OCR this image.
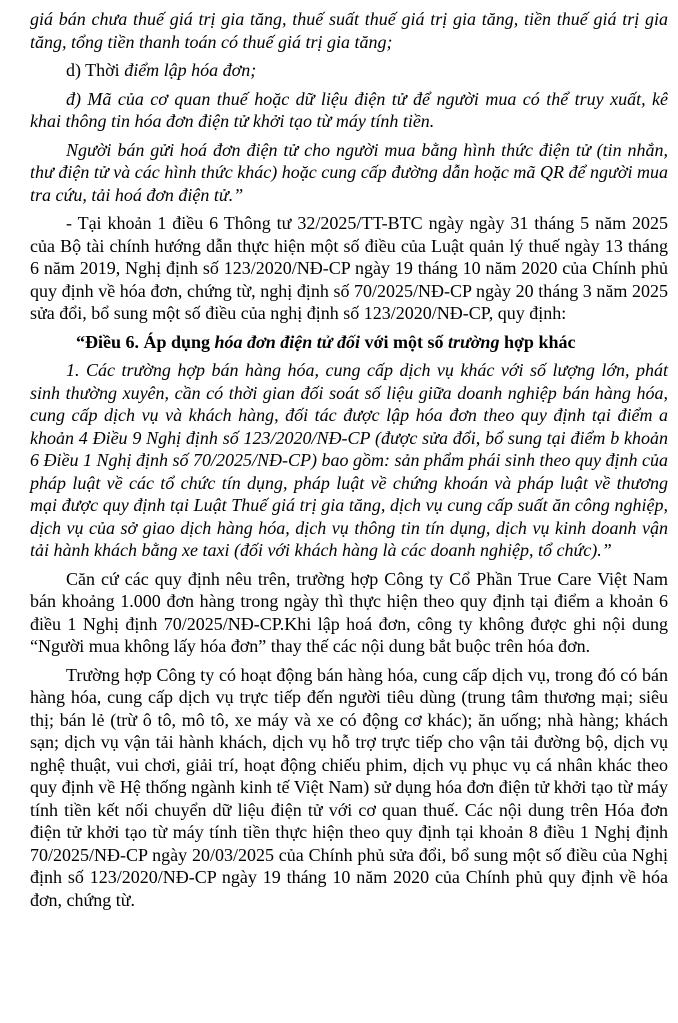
giá bán chưa thuế giá trị gia tăng, thuế suất thuế giá trị gia tăng, tiền thuế giá trị gia tăng, tổng tiền thanh toán có thuế giá trị gia tăng;

d) Thời điểm lập hóa đơn;

đ) Mã của cơ quan thuế hoặc dữ liệu điện tử để người mua có thể truy xuất, kê khai thông tin hóa đơn điện tử khởi tạo từ máy tính tiền.

Người bán gửi hoá đơn điện tử cho người mua bằng hình thức điện tử (tin nhắn, thư điện tử và các hình thức khác) hoặc cung cấp đường dẫn hoặc mã QR để người mua tra cứu, tải hoá đơn điện tử.”

- Tại khoản 1 điều 6 Thông tư 32/2025/TT-BTC ngày ngày 31 tháng 5 năm 2025 của Bộ tài chính hướng dẫn thực hiện một số điều của Luật quản lý thuế ngày 13 tháng 6 năm 2019, Nghị định số 123/2020/NĐ-CP ngày 19 tháng 10 năm 2020 của Chính phủ quy định về hóa đơn, chứng từ, nghị định số 70/2025/NĐ-CP ngày 20 tháng 3 năm 2025 sửa đổi, bổ sung một số điều của nghị định số 123/2020/NĐ-CP, quy định:

“Điều 6. Áp dụng hóa đơn điện tử đối với một số trường hợp khác

1. Các trường hợp bán hàng hóa, cung cấp dịch vụ khác với số lượng lớn, phát sinh thường xuyên, cần có thời gian đối soát số liệu giữa doanh nghiệp bán hàng hóa, cung cấp dịch vụ và khách hàng, đối tác được lập hóa đơn theo quy định tại điểm a khoản 4 Điều 9 Nghị định số 123/2020/NĐ-CP (được sửa đổi, bổ sung tại điểm b khoản 6 Điều 1 Nghị định số 70/2025/NĐ-CP) bao gồm: sản phẩm phái sinh theo quy định của pháp luật về các tổ chức tín dụng, pháp luật về chứng khoán và pháp luật về thương mại được quy định tại Luật Thuế giá trị gia tăng, dịch vụ cung cấp suất ăn công nghiệp, dịch vụ của sở giao dịch hàng hóa, dịch vụ thông tin tín dụng, dịch vụ kinh doanh vận tải hành khách bằng xe taxi (đối với khách hàng là các doanh nghiệp, tổ chức).”

Căn cứ các quy định nêu trên, trường hợp Công ty Cổ Phần True Care Việt Nam bán khoảng 1.000 đơn hàng trong ngày thì thực hiện theo quy định tại điểm a khoản 6 điều 1 Nghị định 70/2025/NĐ-CP.Khi lập hoá đơn, công ty không được ghi nội dung “Người mua không lấy hóa đơn” thay thế các nội dung bắt buộc trên hóa đơn.

Trường hợp Công ty có hoạt động bán hàng hóa, cung cấp dịch vụ, trong đó có bán hàng hóa, cung cấp dịch vụ trực tiếp đến người tiêu dùng (trung tâm thương mại; siêu thị; bán lẻ (trừ ô tô, mô tô, xe máy và xe có động cơ khác); ăn uống; nhà hàng; khách sạn; dịch vụ vận tải hành khách, dịch vụ hỗ trợ trực tiếp cho vận tải đường bộ, dịch vụ nghệ thuật, vui chơi, giải trí, hoạt động chiếu phim, dịch vụ phục vụ cá nhân khác theo quy định về Hệ thống ngành kinh tế Việt Nam) sử dụng hóa đơn điện tử khởi tạo từ máy tính tiền kết nối chuyển dữ liệu điện tử với cơ quan thuế. Các nội dung trên Hóa đơn điện tử khởi tạo từ máy tính tiền thực hiện theo quy định tại khoản 8 điều 1 Nghị định 70/2025/NĐ-CP ngày 20/03/2025 của Chính phủ sửa đổi, bổ sung một số điều của Nghị định số 123/2020/NĐ-CP ngày 19 tháng 10 năm 2020 của Chính phủ quy định về hóa đơn, chứng từ.
